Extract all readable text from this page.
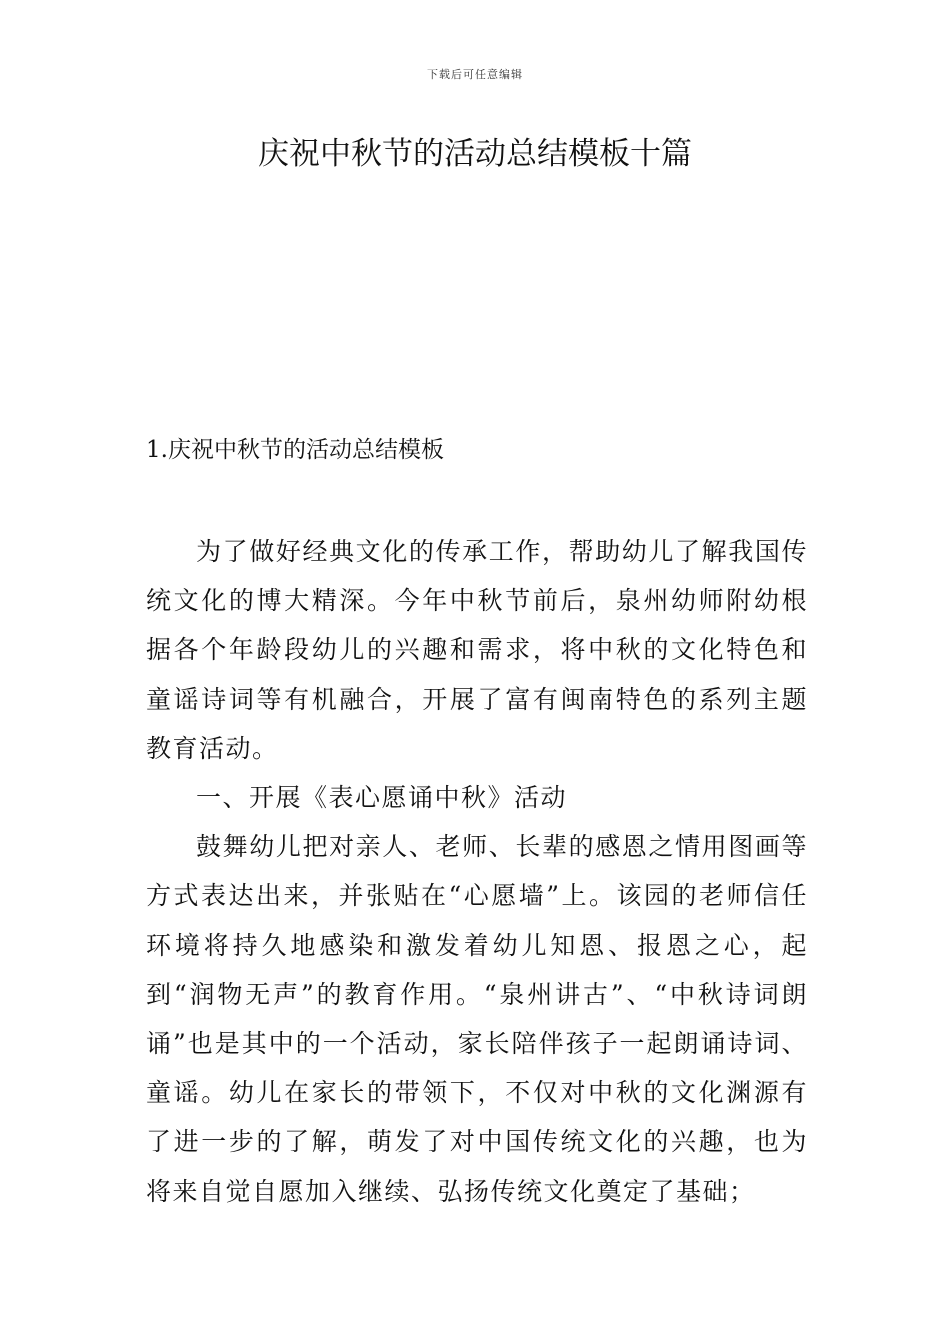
下载后可任意编辑
庆祝中秋节的活动总结模板十篇
1.庆祝中秋节的活动总结模板

为了做好经典文化的传承工作，帮助幼儿了解我国传统文化的博大精深。今年中秋节前后，泉州幼师附幼根据各个年龄段幼儿的兴趣和需求，将中秋的文化特色和童谣诗词等有机融合，开展了富有闽南特色的系列主题教育活动。

一、开展《表心愿诵中秋》活动

鼓舞幼儿把对亲人、老师、长辈的感恩之情用图画等方式表达出来，并张贴在“心愿墙”上。该园的老师信任环境将持久地感染和激发着幼儿知恩、报恩之心，起到“润物无声”的教育作用。“泉州讲古”、“中秋诗词朗诵”也是其中的一个活动，家长陪伴孩子一起朗诵诗词、童谣。幼儿在家长的带领下，不仅对中秋的文化渊源有了进一步的了解，萌发了对中国传统文化的兴趣，也为将来自觉自愿加入继续、弘扬传统文化奠定了基础；
